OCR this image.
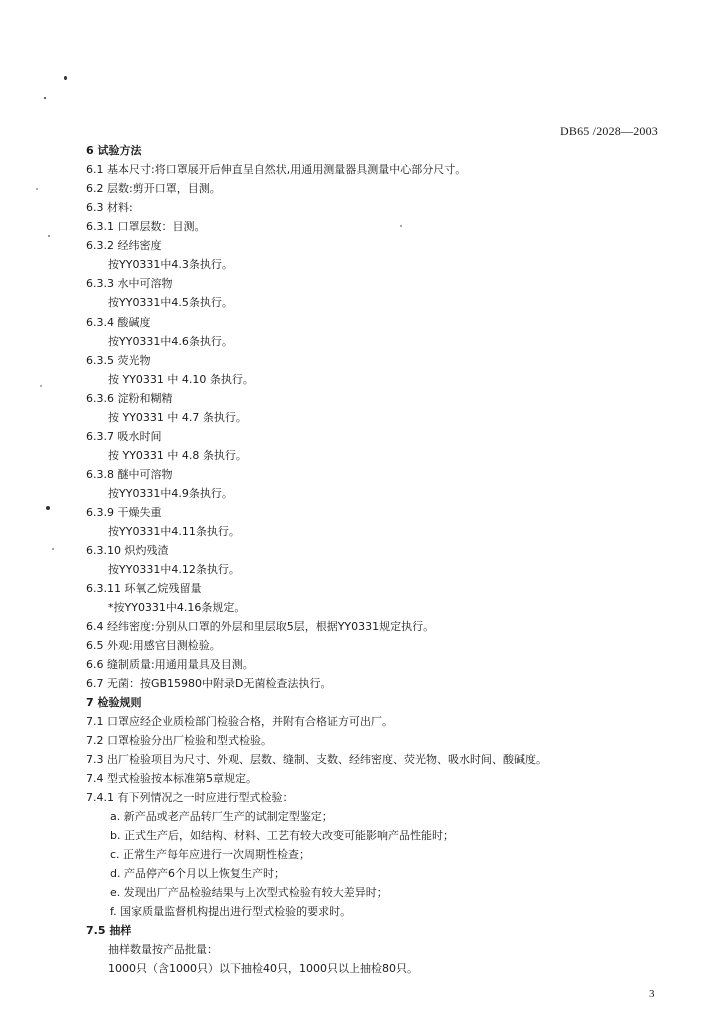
DB65 /2028—2003
6 试验方法
6.1 基本尺寸:将口罩展开后伸直呈自然状,用通用测量器具测量中心部分尺寸。
6.2 层数:剪开口罩，目测。
6.3 材料:
6.3.1 口罩层数：目测。
6.3.2 经纬密度
按YY0331中4.3条执行。
6.3.3 水中可溶物
按YY0331中4.5条执行。
6.3.4 酸碱度
按YY0331中4.6条执行。
6.3.5 荧光物
按 YY0331 中 4.10 条执行。
6.3.6 淀粉和糊精
按 YY0331 中 4.7 条执行。
6.3.7 吸水时间
按 YY0331 中 4.8 条执行。
6.3.8 醚中可溶物
按YY0331中4.9条执行。
6.3.9 干燥失重
按YY0331中4.11条执行。
6.3.10 炽灼残渣
按YY0331中4.12条执行。
6.3.11 环氧乙烷残留量
*按YY0331中4.16条规定。
6.4 经纬密度:分别从口罩的外层和里层取5层，根据YY0331规定执行。
6.5 外观:用感官目测检验。
6.6 缝制质量:用通用量具及目测。
6.7 无菌：按GB15980中附录D无菌检查法执行。
7 检验规则
7.1 口罩应经企业质检部门检验合格，并附有合格证方可出厂。
7.2 口罩检验分出厂检验和型式检验。
7.3 出厂检验项目为尺寸、外观、层数、缝制、支数、经纬密度、荧光物、吸水时间、酸碱度。
7.4 型式检验按本标准第5章规定。
7.4.1 有下列情况之一时应进行型式检验：
a. 新产品或老产品转厂生产的试制定型鉴定；
b. 正式生产后，如结构、材料、工艺有较大改变可能影响产品性能时；
c. 正常生产每年应进行一次周期性检查；
d. 产品停产6个月以上恢复生产时；
e. 发现出厂产品检验结果与上次型式检验有较大差异时；
f. 国家质量监督机构提出进行型式检验的要求时。
7.5 抽样
抽样数量按产品批量：
1000只（含1000只）以下抽检40只，1000只以上抽检80只。
3
